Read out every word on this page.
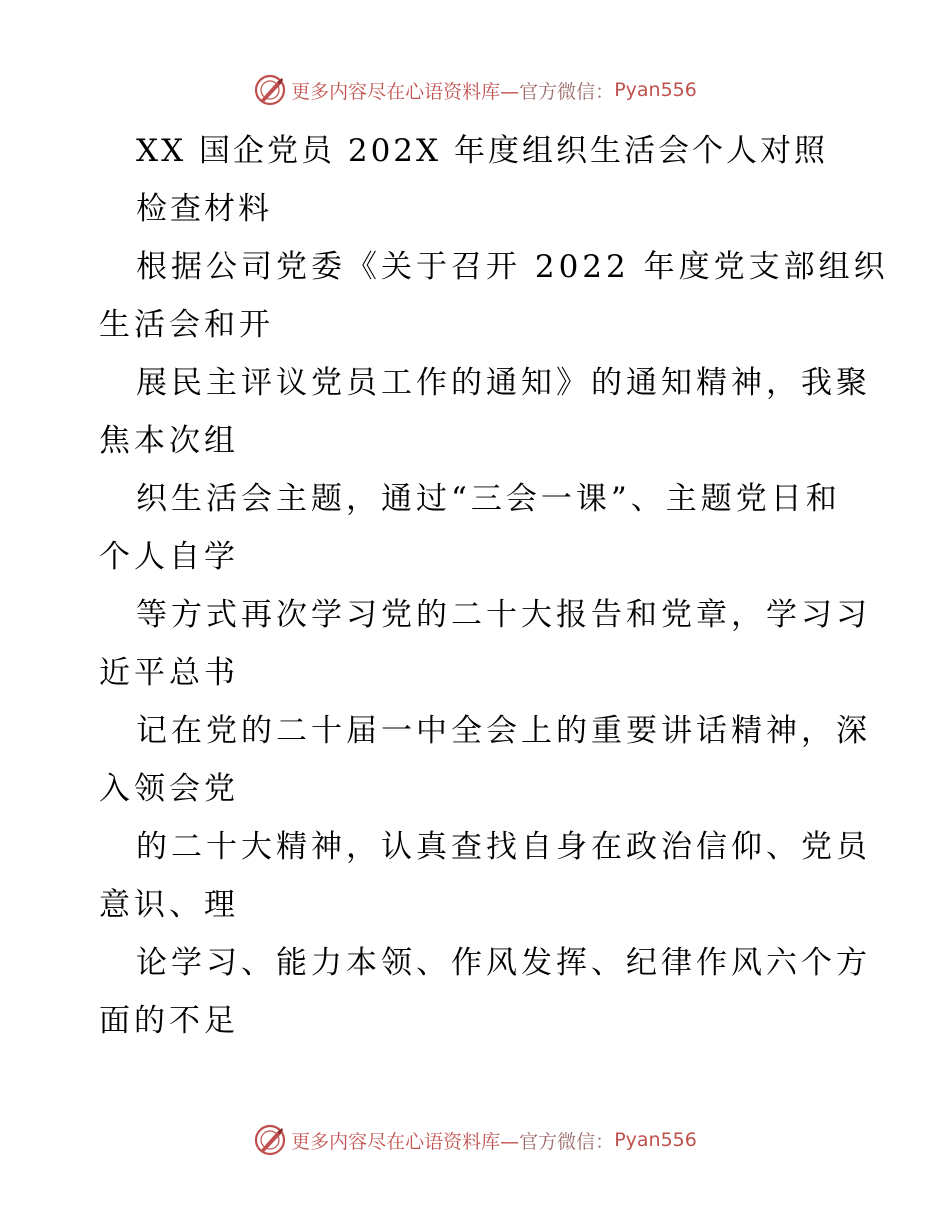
更多内容尽在心语资料库— 官方微信： Pyan556
XX 国企党员 202X 年度组织生活会个人对照
检查材料
根据公司党委《关于召开 2022 年度党支部组织
生活会和开
展民主评议党员工作的通知》的通知精神，我聚
焦本次组
织生活会主题，通过“三会一课”、主题党日和
个人自学
等方式再次学习党的二十大报告和党章，学习习
近平总书
记在党的二十届一中全会上的重要讲话精神，深
入领会党
的二十大精神，认真查找自身在政治信仰、党员
意识、理
论学习、能力本领、作风发挥、纪律作风六个方
面的不足
更多内容尽在心语资料库— 官方微信： Pyan556
